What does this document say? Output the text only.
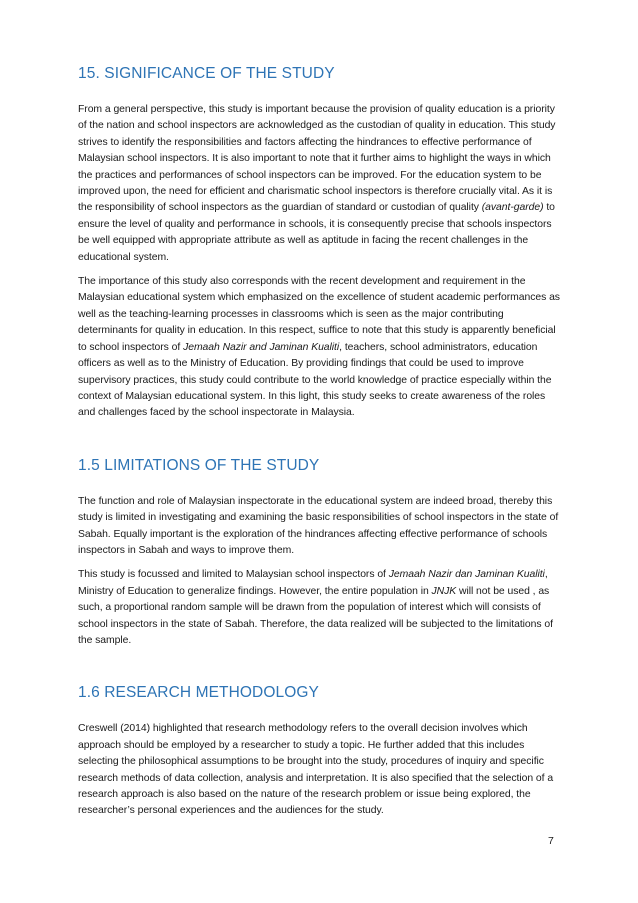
15. SIGNIFICANCE OF THE STUDY

From a general perspective, this study is important because the provision of quality education is a priority of the nation and school inspectors are acknowledged as the custodian of quality in education. This study strives to identify the responsibilities and factors affecting the hindrances to effective performance of Malaysian school inspectors. It is also important to note that it further aims to highlight the ways in which the practices and performances of school inspectors can be improved. For the education system to be improved upon, the need for efficient and charismatic school inspectors is therefore crucially vital. As it is the responsibility of school inspectors as the guardian of standard or custodian of quality (avant-garde) to ensure the level of quality and performance in schools, it is consequently precise that schools inspectors be well equipped with appropriate attribute as well as aptitude in facing the recent challenges in the educational system.

The importance of this study also corresponds with the recent development and requirement in the Malaysian educational system which emphasized on the excellence of student academic performances as well as the teaching-learning processes in classrooms which is seen as the major contributing determinants for quality in education. In this respect, suffice to note that this study is apparently beneficial to school inspectors of Jemaah Nazir and Jaminan Kualiti, teachers, school administrators, education officers as well as to the Ministry of Education. By providing findings that could be used to improve supervisory practices, this study could contribute to the world knowledge of practice especially within the context of Malaysian educational system. In this light, this study seeks to create awareness of the roles and challenges faced by the school inspectorate in Malaysia.

1.5 LIMITATIONS OF THE STUDY

The function and role of Malaysian inspectorate in the educational system are indeed broad, thereby this study is limited in investigating and examining the basic responsibilities of school inspectors in the state of Sabah. Equally important is the exploration of the hindrances affecting effective performance of schools inspectors in Sabah and ways to improve them.

This study is focussed and limited to Malaysian school inspectors of Jemaah Nazir dan Jaminan Kualiti, Ministry of Education to generalize findings. However, the entire population in JNJK will not be used , as such, a proportional random sample will be drawn from the population of interest which will consists of school inspectors in the state of Sabah. Therefore, the data realized will be subjected to the limitations of the sample.

1.6 RESEARCH METHODOLOGY

Creswell (2014) highlighted that research methodology refers to the overall decision involves which approach should be employed by a researcher to study a topic. He further added that this includes selecting the philosophical assumptions to be brought into the study, procedures of inquiry and specific research methods of data collection, analysis and interpretation. It is also specified that the selection of a research approach is also based on the nature of the research problem or issue being explored, the researcher’s personal experiences and the audiences for the study.

7
